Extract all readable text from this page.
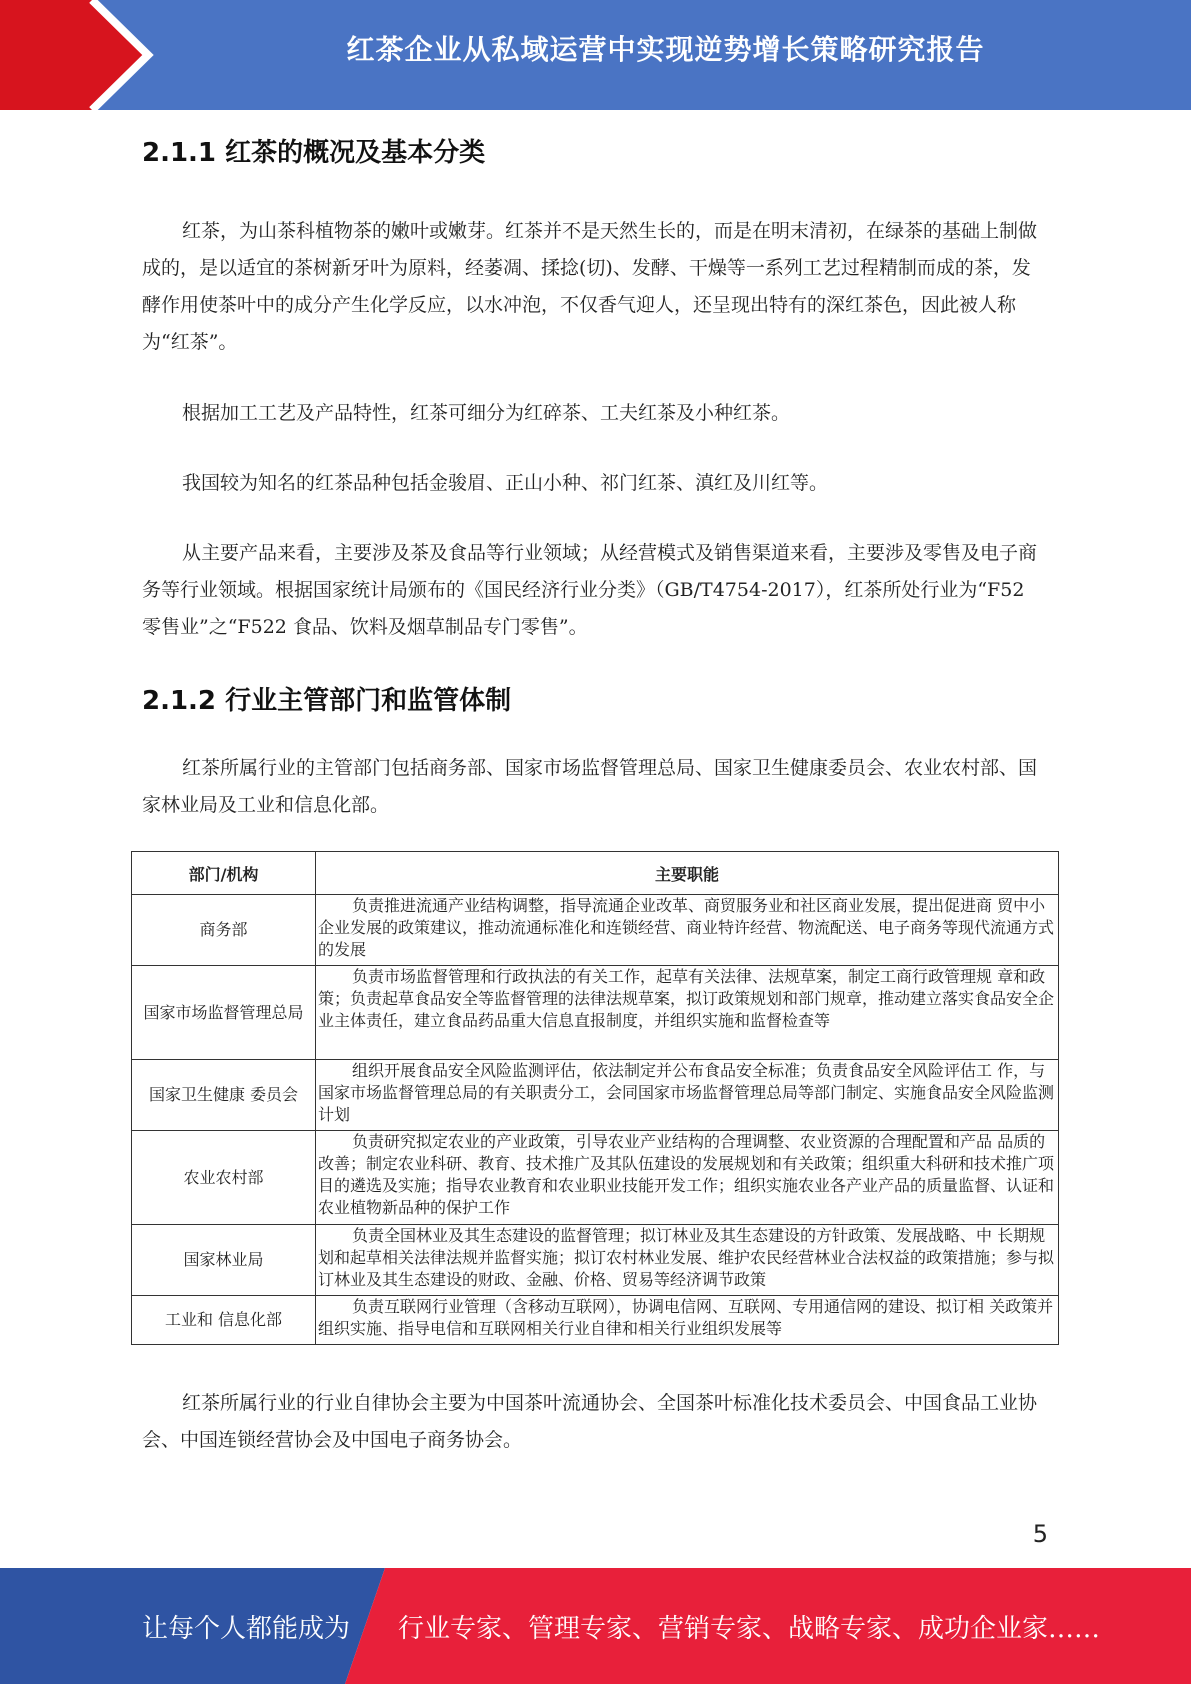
红茶企业从私域运营中实现逆势增长策略研究报告
2.1.1 红茶的概况及基本分类

红茶，为山茶科植物茶的嫩叶或嫩芽。红茶并不是天然生长的，而是在明末清初，在绿茶的基础上制做成的，是以适宜的茶树新牙叶为原料，经萎凋、揉捻(切)、发酵、干燥等一系列工艺过程精制而成的茶，发酵作用使茶叶中的成分产生化学反应，以水冲泡，不仅香气迎人，还呈现出特有的深红茶色，因此被人称为“红茶”。

根据加工工艺及产品特性，红茶可细分为红碎茶、工夫红茶及小种红茶。

我国较为知名的红茶品种包括金骏眉、正山小种、祁门红茶、滇红及川红等。

从主要产品来看，主要涉及茶及食品等行业领域；从经营模式及销售渠道来看，主要涉及零售及电子商务等行业领域。根据国家统计局颁布的《国民经济行业分类》（GB/T4754-2017），红茶所处行业为“F52 零售业”之“F522 食品、饮料及烟草制品专门零售”。

2.1.2 行业主管部门和监管体制

红茶所属行业的主管部门包括商务部、国家市场监督管理总局、国家卫生健康委员会、农业农村部、国家林业局及工业和信息化部。

部门/机构	主要职能
商务部	负责推进流通产业结构调整，指导流通企业改革、商贸服务业和社区商业发展，提出促进商 贸中小企业发展的政策建议，推动流通标准化和连锁经营、商业特许经营、物流配送、电子商务等现代流通方式的发展
国家市场监督管理总局	负责市场监督管理和行政执法的有关工作，起草有关法律、法规草案，制定工商行政管理规 章和政策；负责起草食品安全等监督管理的法律法规草案，拟订政策规划和部门规章，推动建立落实食品安全企业主体责任，建立食品药品重大信息直报制度，并组织实施和监督检查等
国家卫生健康 委员会	组织开展食品安全风险监测评估，依法制定并公布食品安全标准；负责食品安全风险评估工 作，与国家市场监督管理总局的有关职责分工，会同国家市场监督管理总局等部门制定、实施食品安全风险监测计划
农业农村部	负责研究拟定农业的产业政策，引导农业产业结构的合理调整、农业资源的合理配置和产品 品质的改善；制定农业科研、教育、技术推广及其队伍建设的发展规划和有关政策；组织重大科研和技术推广项目的遴选及实施；指导农业教育和农业职业技能开发工作；组织实施农业各产业产品的质量监督、认证和农业植物新品种的保护工作
国家林业局	负责全国林业及其生态建设的监督管理；拟订林业及其生态建设的方针政策、发展战略、中 长期规划和起草相关法律法规并监督实施；拟订农村林业发展、维护农民经营林业合法权益的政策措施；参与拟订林业及其生态建设的财政、金融、价格、贸易等经济调节政策
工业和 信息化部	负责互联网行业管理（含移动互联网），协调电信网、互联网、专用通信网的建设、拟订相 关政策并组织实施、指导电信和互联网相关行业自律和相关行业组织发展等

红茶所属行业的行业自律协会主要为中国茶叶流通协会、全国茶叶标准化技术委员会、中国食品工业协会、中国连锁经营协会及中国电子商务协会。

5
让每个人都能成为 行业专家、管理专家、营销专家、战略专家、成功企业家……
